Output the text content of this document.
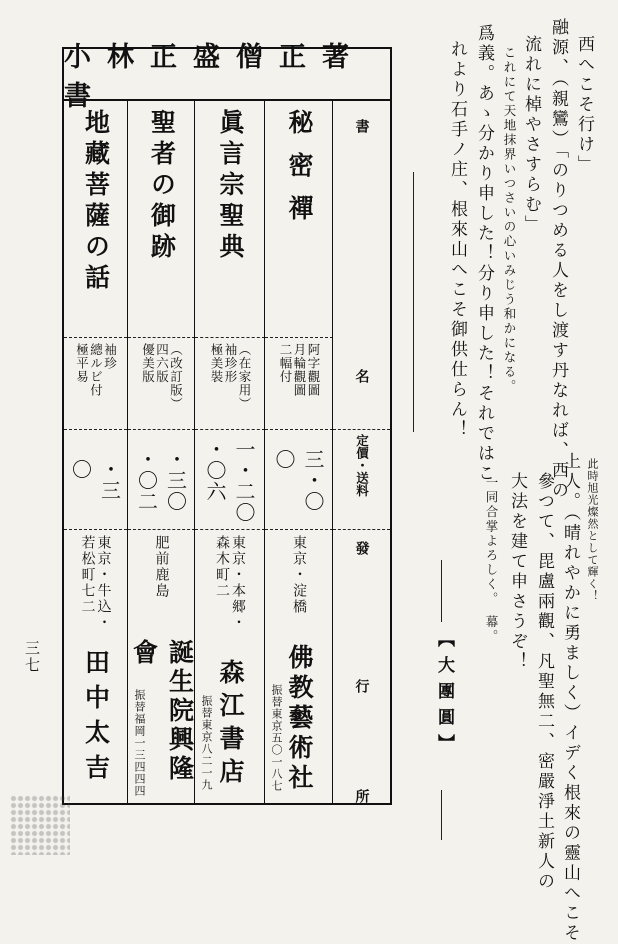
西へこそ行け」
融源、（親鸞）「のりつめる人をし渡す丹なれば、西の
流れに棹やさすらむ」
これにて天地抹界いつさいの心いみじう和かになる。
爲義。あゝ分かり申した！分り申した！それではこ
れより石手ノ庄、根來山へこそ御供仕らん！
此時旭光燦然として輝く！
上人。（晴れやかに勇ましく）イデく根來の靈山へこそ
參つて、毘盧兩觀、凡聖無二、密嚴淨土新人の
大法を建て申さうぞ！
一同合掌よろしく。　幕。
【大團圓】
小林正盛僧正著書
地藏菩薩の話
袖珍
總ルビ付
極平易
・三〇
東京・牛込・
若松町七二
田中太吉
聖者の御跡
（改訂版）
四六版
優美版
・三〇
・〇二
肥前鹿島
誕生院興隆會
振替福岡一三四四四
眞言宗聖典
（在家用）
袖珍形
極美裝
一・二〇
・〇六
東京・本郷・
森木町二
森江書店
振替東京八二一九
秘密禪
阿字觀圖
月輪觀圖
二幅付
三・〇〇
東京・淀橋
佛教藝術社
振替東京五〇一八七
書
名
定價・送料
發
行
所
三七
